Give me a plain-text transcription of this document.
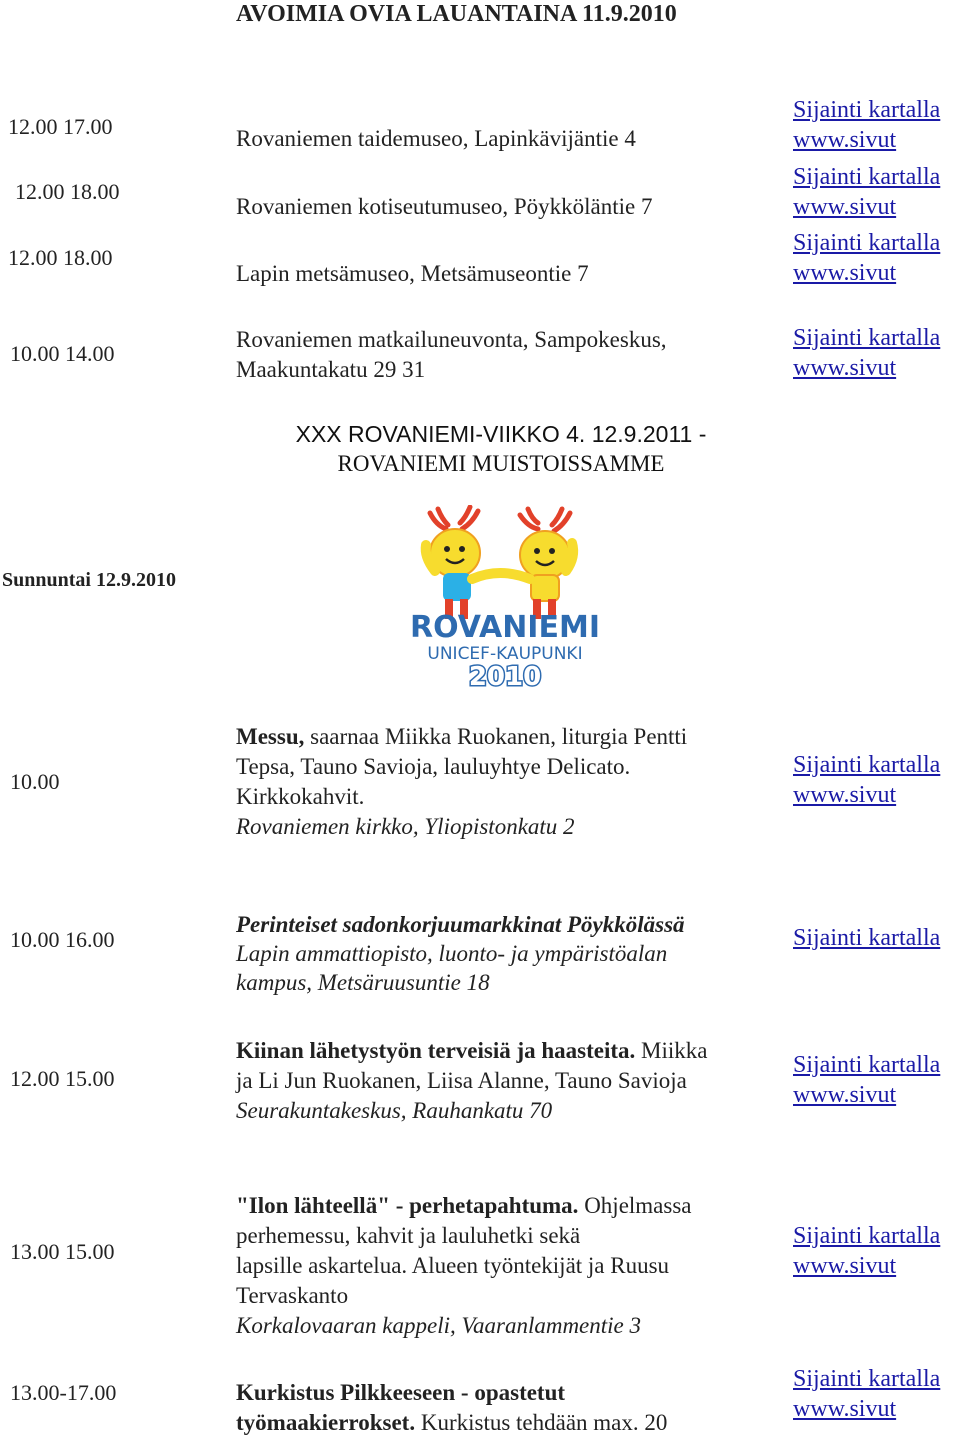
AVOIMIA OVIA LAUANTAINA 11.9.2010
12.00 17.00	Rovaniemen taidemuseo, Lapinkävijäntie 4
Sijainti kartalla
www.sivut
12.00 18.00
Rovaniemen kotiseutumuseo, Pöykköläntie 7
Sijainti kartalla
www.sivut
12.00 18.00
Lapin metsämuseo, Metsämuseontie 7
Sijainti kartalla
www.sivut
10.00 14.00
Rovaniemen matkailuneuvonta, Sampokeskus,
Maakuntakatu 29 31
Sijainti kartalla
www.sivut
XXX ROVANIEMI-VIIKKO 4. 12.9.2011 -
ROVANIEMI MUISTOISSAMME
Sunnuntai 12.9.2010
ROVANIEMI
UNICEF-KAUPUNKI
2010
10.00
Messu, saarnaa Miikka Ruokanen, liturgia Pentti
Tepsa, Tauno Savioja, lauluyhtye Delicato.
Kirkkokahvit.
Rovaniemen kirkko, Yliopistonkatu 2
Sijainti kartalla
www.sivut
10.00 16.00
Perinteiset sadonkorjuumarkkinat Pöykkölässä
Lapin ammattiopisto, luonto- ja ympäristöalan
kampus, Metsäruusuntie 18
Sijainti kartalla
12.00 15.00
Kiinan lähetystyön terveisiä ja haasteita. Miikka
ja Li Jun Ruokanen, Liisa Alanne, Tauno Savioja
Seurakuntakeskus, Rauhankatu 70
Sijainti kartalla
www.sivut
13.00 15.00
"Ilon lähteellä" - perhetapahtuma. Ohjelmassa
perhemessu, kahvit ja lauluhetki sekä
lapsille askartelua. Alueen työntekijät ja Ruusu
Tervaskanto
Korkalovaaran kappeli, Vaaranlammentie 3
Sijainti kartalla
www.sivut
13.00-17.00	Kurkistus Pilkkeeseen - opastetut
työmaakierrokset. Kurkistus tehdään max. 20
Sijainti kartalla
www.sivut
